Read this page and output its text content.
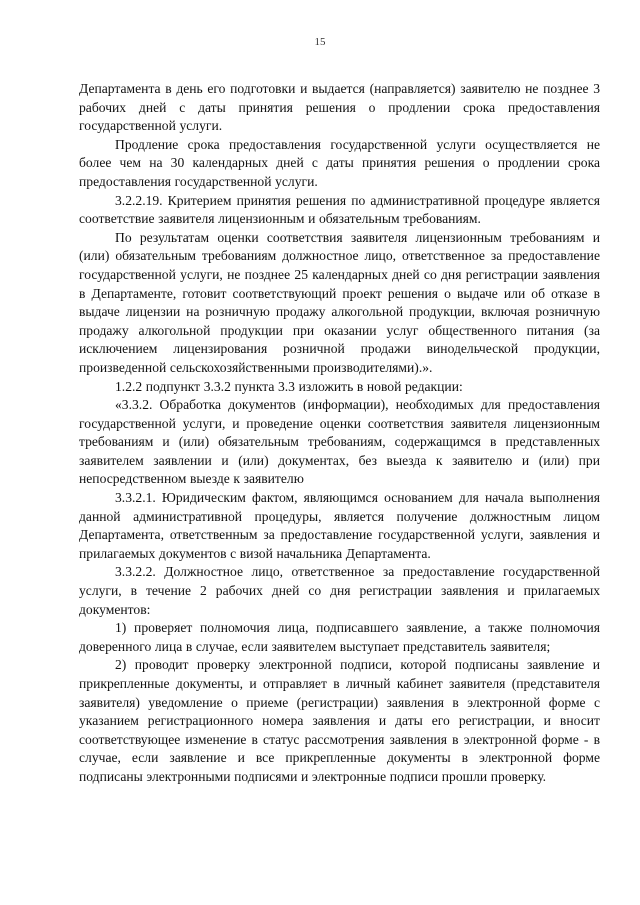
15

Департамента в день его подготовки и выдается (направляется) заявителю не позднее 3 рабочих дней с даты принятия решения о продлении срока предоставления государственной услуги.

Продление срока предоставления государственной услуги осуществляется не более чем на 30 календарных дней с даты принятия решения о продлении срока предоставления государственной услуги.

3.2.2.19. Критерием принятия решения по административной процедуре является соответствие заявителя лицензионным и обязательным требованиям.

По результатам оценки соответствия заявителя лицензионным требованиям и (или) обязательным требованиям должностное лицо, ответственное за предоставление государственной услуги, не позднее 25 календарных дней со дня регистрации заявления в Департаменте, готовит соответствующий проект решения о выдаче или об отказе в выдаче лицензии на розничную продажу алкогольной продукции, включая розничную продажу алкогольной продукции при оказании услуг общественного питания (за исключением лицензирования розничной продажи винодельческой продукции, произведенной сельскохозяйственными производителями).».

1.2.2 подпункт 3.3.2 пункта 3.3 изложить в новой редакции:

«3.3.2. Обработка документов (информации), необходимых для предоставления государственной услуги, и проведение оценки соответствия заявителя лицензионным требованиям и (или) обязательным требованиям, содержащимся в представленных заявителем заявлении и (или) документах, без выезда к заявителю и (или) при непосредственном выезде к заявителю

3.3.2.1. Юридическим фактом, являющимся основанием для начала выполнения данной административной процедуры, является получение должностным лицом Департамента, ответственным за предоставление государственной услуги, заявления и прилагаемых документов с визой начальника Департамента.

3.3.2.2. Должностное лицо, ответственное за предоставление государственной услуги, в течение 2 рабочих дней со дня регистрации заявления и прилагаемых документов:

1) проверяет полномочия лица, подписавшего заявление, а также полномочия доверенного лица в случае, если заявителем выступает представитель заявителя;

2) проводит проверку электронной подписи, которой подписаны заявление и прикрепленные документы, и отправляет в личный кабинет заявителя (представителя заявителя) уведомление о приеме (регистрации) заявления в электронной форме с указанием регистрационного номера заявления и даты его регистрации, и вносит соответствующее изменение в статус рассмотрения заявления в электронной форме - в случае, если заявление и все прикрепленные документы в электронной форме подписаны электронными подписями и электронные подписи прошли проверку.
